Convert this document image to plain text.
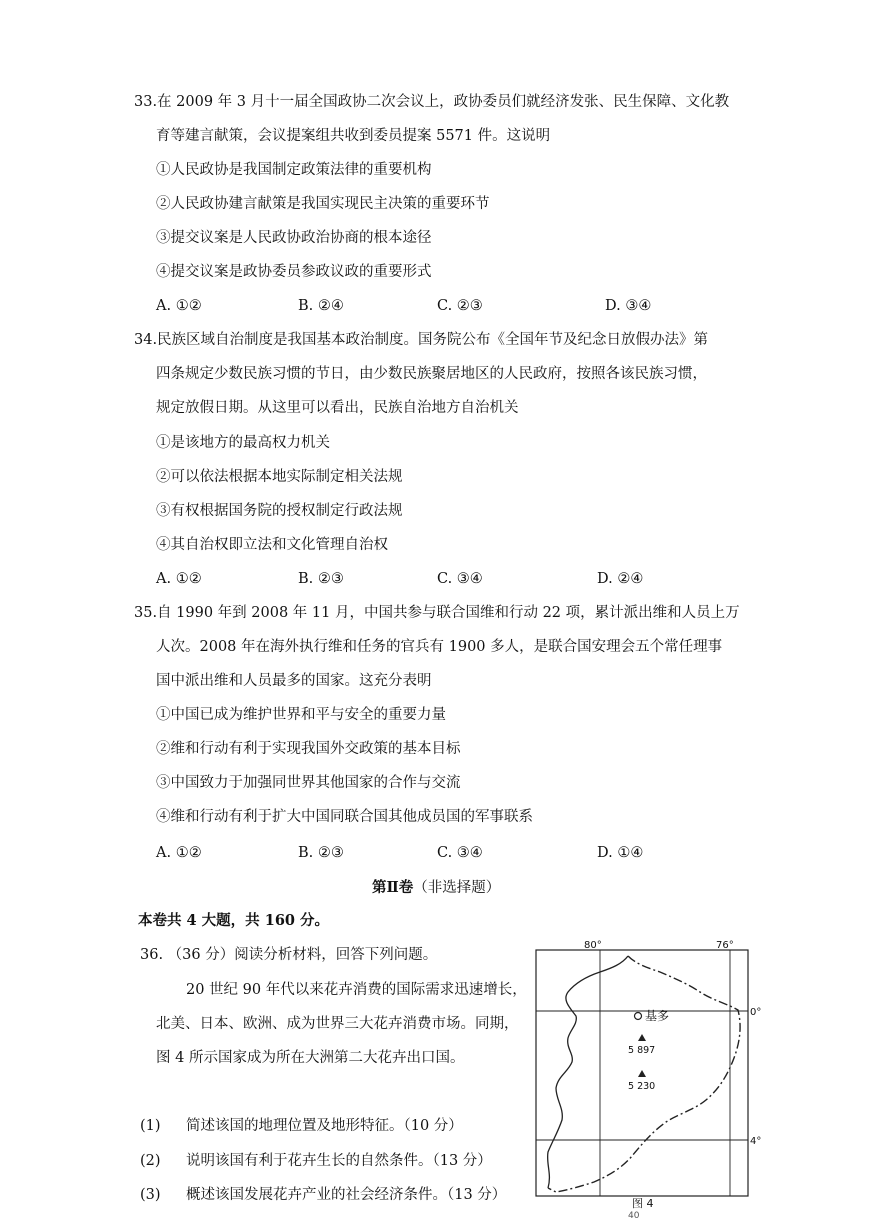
33.在 2009 年 3 月十一届全国政协二次会议上，政协委员们就经济发张、民生保障、文化教
育等建言献策，会议提案组共收到委员提案 5571 件。这说明
①人民政协是我国制定政策法律的重要机构
②人民政协建言献策是我国实现民主决策的重要环节
③提交议案是人民政协政治协商的根本途径
④提交议案是政协委员参政议政的重要形式
A. ①②	B. ②④	C. ②③	D. ③④
34.民族区域自治制度是我国基本政治制度。国务院公布《全国年节及纪念日放假办法》第
四条规定少数民族习惯的节日，由少数民族聚居地区的人民政府，按照各该民族习惯，
规定放假日期。从这里可以看出，民族自治地方自治机关
①是该地方的最高权力机关
②可以依法根据本地实际制定相关法规
③有权根据国务院的授权制定行政法规
④其自治权即立法和文化管理自治权
A. ①②	B. ②③	C. ③④	D. ②④
35.自 1990 年到 2008 年 11 月，中国共参与联合国维和行动 22 项，累计派出维和人员上万
人次。2008 年在海外执行维和任务的官兵有 1900 多人，是联合国安理会五个常任理事
国中派出维和人员最多的国家。这充分表明
①中国已成为维护世界和平与安全的重要力量
②维和行动有利于实现我国外交政策的基本目标
③中国致力于加强同世界其他国家的合作与交流
④维和行动有利于扩大中国同联合国其他成员国的军事联系
A. ①②	B. ②③	C. ③④	D. ①④
第Ⅱ卷（非选择题）
本卷共 4 大题，共 160 分。
36. （36 分）阅读分析材料，回答下列问题。
20 世纪 90 年代以来花卉消费的国际需求迅速增长，
北美、日本、欧洲、成为世界三大花卉消费市场。同期，
图 4 所示国家成为所在大洲第二大花卉出口国。
(1) 简述该国的地理位置及地形特征。（10 分）
(2) 说明该国有利于花卉生长的自然条件。（13 分）
(3) 概述该国发展花卉产业的社会经济条件。（13 分）
基多
5 897
5 230
80°	76°
0°
4°
图 4
40
